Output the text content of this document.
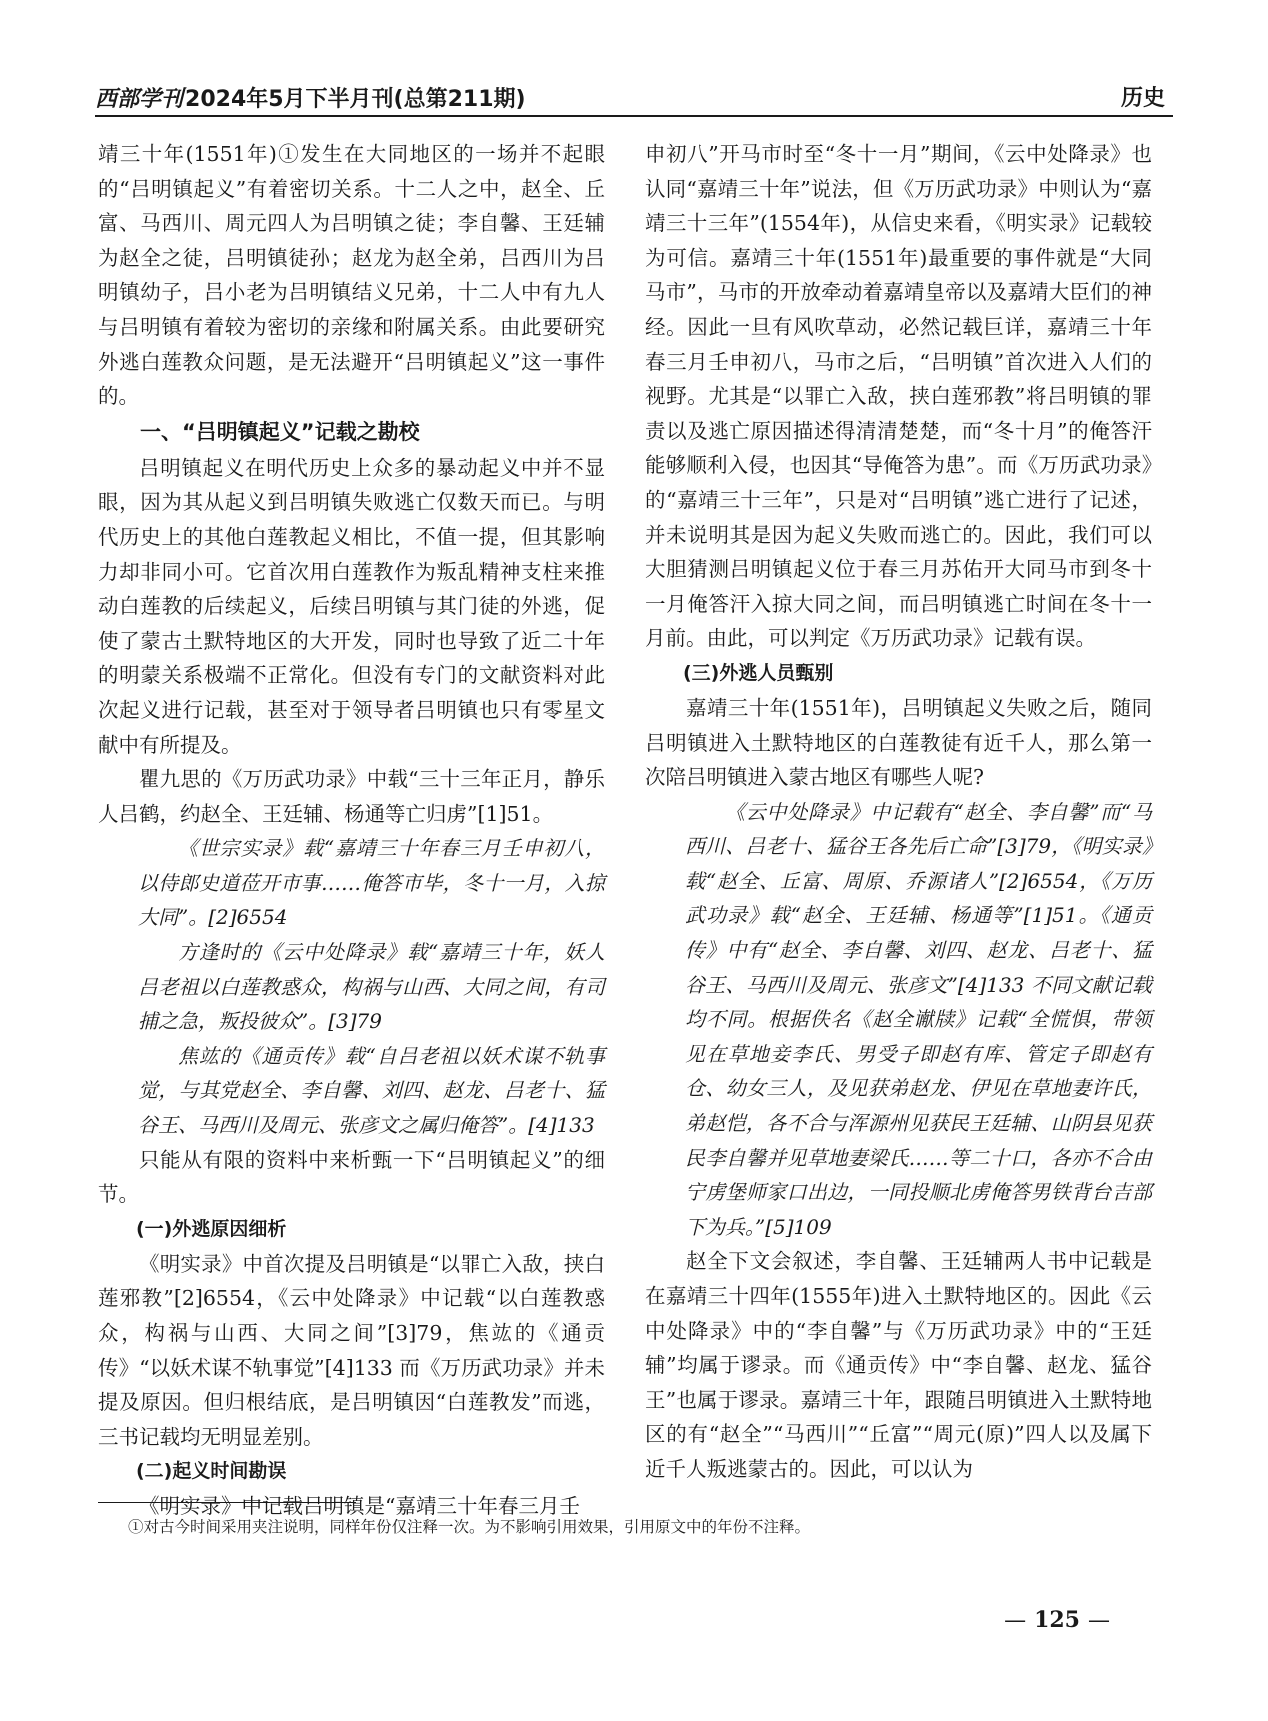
西部学刊2024年5月下半月刊(总第211期)	历史

靖三十年(1551年)①发生在大同地区的一场并不起眼的“吕明镇起义”有着密切关系。十二人之中，赵全、丘富、马西川、周元四人为吕明镇之徒；李自馨、王廷辅为赵全之徒，吕明镇徒孙；赵龙为赵全弟，吕西川为吕明镇幼子，吕小老为吕明镇结义兄弟，十二人中有九人与吕明镇有着较为密切的亲缘和附属关系。由此要研究外逃白莲教众问题，是无法避开“吕明镇起义”这一事件的。

一、“吕明镇起义”记载之勘校

吕明镇起义在明代历史上众多的暴动起义中并不显眼，因为其从起义到吕明镇失败逃亡仅数天而已。与明代历史上的其他白莲教起义相比，不值一提，但其影响力却非同小可。它首次用白莲教作为叛乱精神支柱来推动白莲教的后续起义，后续吕明镇与其门徒的外逃，促使了蒙古土默特地区的大开发，同时也导致了近二十年的明蒙关系极端不正常化。但没有专门的文献资料对此次起义进行记载，甚至对于领导者吕明镇也只有零星文献中有所提及。

瞿九思的《万历武功录》中载“三十三年正月，静乐人吕鹤，约赵全、王廷辅、杨通等亡归虏”[1]51。

《世宗实录》载“嘉靖三十年春三月壬申初八，以侍郎史道莅开市事……俺答市毕，冬十一月，入掠大同”。[2]6554

方逢时的《云中处降录》载“嘉靖三十年，妖人吕老祖以白莲教惑众，构祸与山西、大同之间，有司捕之急，叛投彼众”。[3]79

焦竑的《通贡传》载“自吕老祖以妖术谋不轨事觉，与其党赵全、李自馨、刘四、赵龙、吕老十、猛谷王、马西川及周元、张彦文之属归俺答”。[4]133

只能从有限的资料中来析甄一下“吕明镇起义”的细节。

(一)外逃原因细析

《明实录》中首次提及吕明镇是“以罪亡入敌，挟白莲邪教”[2]6554，《云中处降录》中记载“以白莲教惑众，构祸与山西、大同之间”[3]79，焦竑的《通贡传》“以妖术谋不轨事觉”[4]133 而《万历武功录》并未提及原因。但归根结底，是吕明镇因“白莲教发”而逃，三书记载均无明显差别。

(二)起义时间勘误

《明实录》中记载吕明镇是“嘉靖三十年春三月壬

申初八”开马市时至“冬十一月”期间，《云中处降录》也认同“嘉靖三十年”说法，但《万历武功录》中则认为“嘉靖三十三年”(1554年)，从信史来看，《明实录》记载较为可信。嘉靖三十年(1551年)最重要的事件就是“大同马市”，马市的开放牵动着嘉靖皇帝以及嘉靖大臣们的神经。因此一旦有风吹草动，必然记载巨详，嘉靖三十年春三月壬申初八，马市之后，“吕明镇”首次进入人们的视野。尤其是“以罪亡入敌，挟白莲邪教”将吕明镇的罪责以及逃亡原因描述得清清楚楚，而“冬十月”的俺答汗能够顺利入侵，也因其“导俺答为患”。而《万历武功录》的“嘉靖三十三年”，只是对“吕明镇”逃亡进行了记述，并未说明其是因为起义失败而逃亡的。因此，我们可以大胆猜测吕明镇起义位于春三月苏佑开大同马市到冬十一月俺答汗入掠大同之间，而吕明镇逃亡时间在冬十一月前。由此，可以判定《万历武功录》记载有误。

(三)外逃人员甄别

嘉靖三十年(1551年)，吕明镇起义失败之后，随同吕明镇进入土默特地区的白莲教徒有近千人，那么第一次陪吕明镇进入蒙古地区有哪些人呢?

《云中处降录》中记载有“赵全、李自馨”而“马西川、吕老十、猛谷王各先后亡命”[3]79，《明实录》载“赵全、丘富、周原、乔源诸人”[2]6554，《万历武功录》载“赵全、王廷辅、杨通等”[1]51。《通贡传》中有“赵全、李自馨、刘四、赵龙、吕老十、猛谷王、马西川及周元、张彦文”[4]133 不同文献记载均不同。根据佚名《赵全谳牍》记载“全慌惧，带领见在草地妾李氏、男受子即赵有库、管定子即赵有仓、幼女三人，及见获弟赵龙、伊见在草地妻许氏，弟赵恺，各不合与浑源州见获民王廷辅、山阴县见获民李自馨并见草地妻梁氏……等二十口，各亦不合由宁虏堡师家口出边，一同投顺北虏俺答男铁背台吉部下为兵。”[5]109

赵全下文会叙述，李自馨、王廷辅两人书中记载是在嘉靖三十四年(1555年)进入土默特地区的。因此《云中处降录》中的“李自馨”与《万历武功录》中的“王廷辅”均属于谬录。而《通贡传》中“李自馨、赵龙、猛谷王”也属于谬录。嘉靖三十年，跟随吕明镇进入土默特地区的有“赵全”“马西川”“丘富”“周元(原)”四人以及属下近千人叛逃蒙古的。因此，可以认为

①对古今时间采用夹注说明，同样年份仅注释一次。为不影响引用效果，引用原文中的年份不注释。
— 125 —
